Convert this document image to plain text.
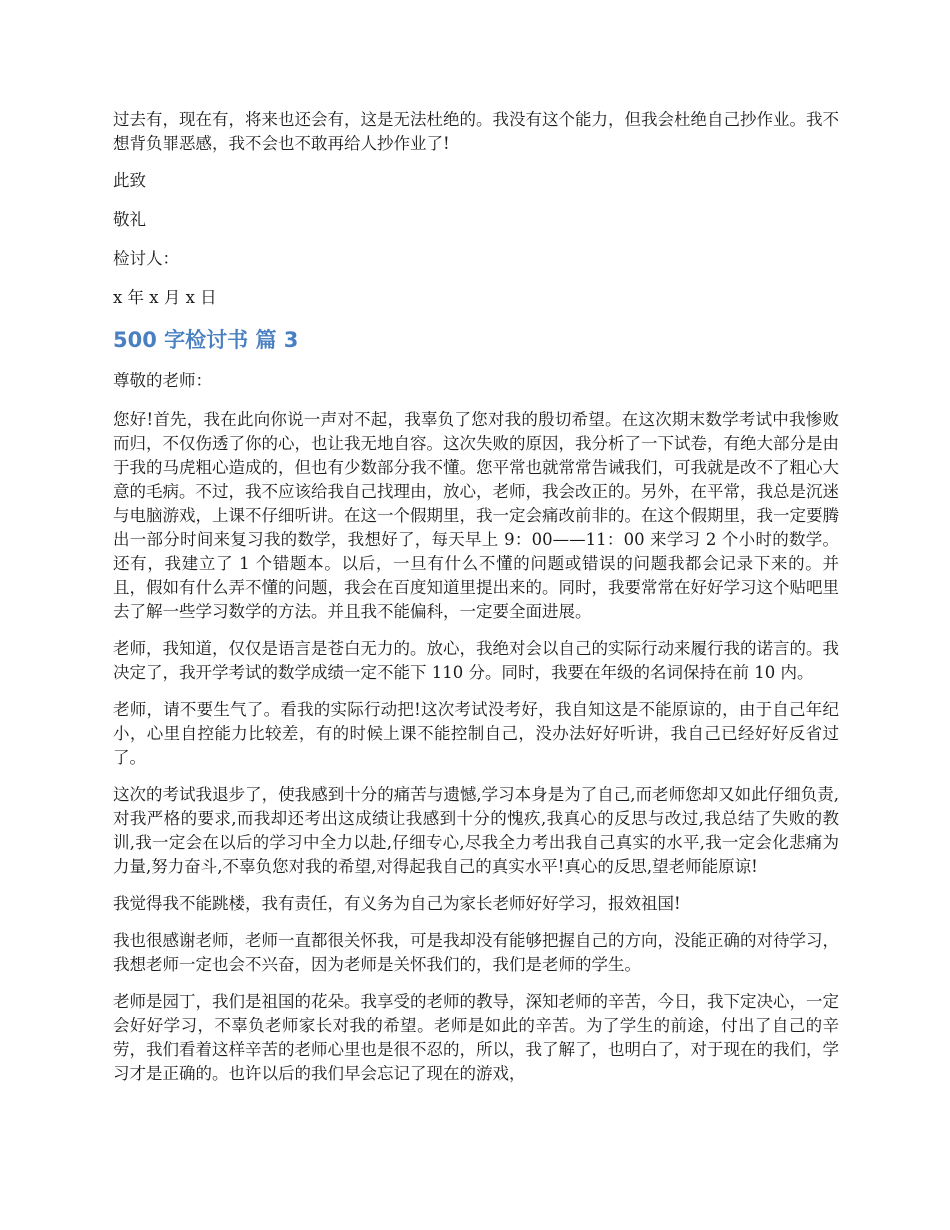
过去有，现在有，将来也还会有，这是无法杜绝的。我没有这个能力，但我会杜绝自己抄作业。我不想背负罪恶感，我不会也不敢再给人抄作业了!

此致

敬礼

检讨人：

x 年 x 月 x 日

500 字检讨书 篇 3

尊敬的老师：

您好!首先，我在此向你说一声对不起，我辜负了您对我的殷切希望。在这次期末数学考试中我惨败而归，不仅伤透了你的心，也让我无地自容。这次失败的原因，我分析了一下试卷，有绝大部分是由于我的马虎粗心造成的，但也有少数部分我不懂。您平常也就常常告诫我们，可我就是改不了粗心大意的毛病。不过，我不应该给我自己找理由，放心，老师，我会改正的。另外，在平常，我总是沉迷与电脑游戏，上课不仔细听讲。在这一个假期里，我一定会痛改前非的。在这个假期里，我一定要腾出一部分时间来复习我的数学，我想好了，每天早上 9：00——11：00 来学习 2 个小时的数学。还有，我建立了 1 个错题本。以后，一旦有什么不懂的问题或错误的问题我都会记录下来的。并且，假如有什么弄不懂的问题，我会在百度知道里提出来的。同时，我要常常在好好学习这个贴吧里去了解一些学习数学的方法。并且我不能偏科，一定要全面进展。

老师，我知道，仅仅是语言是苍白无力的。放心，我绝对会以自己的实际行动来履行我的诺言的。我决定了，我开学考试的数学成绩一定不能下 110 分。同时，我要在年级的名词保持在前 10 内。

老师，请不要生气了。看我的实际行动把!这次考试没考好，我自知这是不能原谅的，由于自己年纪小，心里自控能力比较差，有的时候上课不能控制自己，没办法好好听讲，我自己已经好好反省过了。

这次的考试我退步了，使我感到十分的痛苦与遗憾,学习本身是为了自己,而老师您却又如此仔细负责,对我严格的要求,而我却还考出这成绩让我感到十分的愧疚,我真心的反思与改过,我总结了失败的教训,我一定会在以后的学习中全力以赴,仔细专心,尽我全力考出我自己真实的水平,我一定会化悲痛为力量,努力奋斗,不辜负您对我的希望,对得起我自己的真实水平!真心的反思,望老师能原谅!

我觉得我不能跳楼，我有责任，有义务为自己为家长老师好好学习，报效祖国!

我也很感谢老师，老师一直都很关怀我，可是我却没有能够把握自己的方向，没能正确的对待学习，我想老师一定也会不兴奋，因为老师是关怀我们的，我们是老师的学生。

老师是园丁，我们是祖国的花朵。我享受的老师的教导，深知老师的辛苦，今日，我下定决心，一定会好好学习，不辜负老师家长对我的希望。老师是如此的辛苦。为了学生的前途，付出了自己的辛劳，我们看着这样辛苦的老师心里也是很不忍的，所以，我了解了，也明白了，对于现在的我们，学习才是正确的。也许以后的我们早会忘记了现在的游戏，
